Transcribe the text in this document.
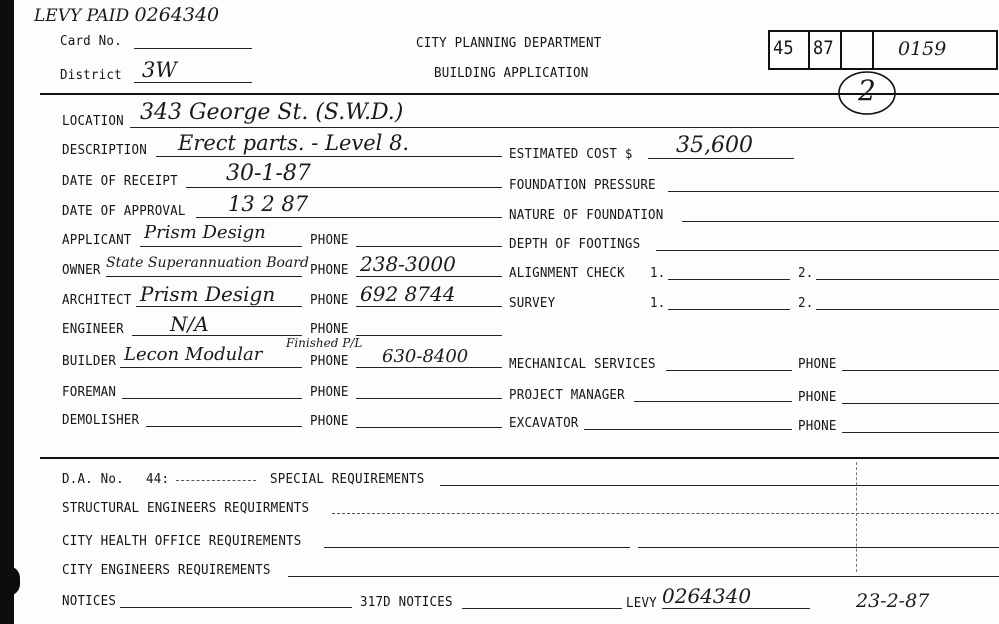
LEVY PAID 0264340
Card No.
District 3W
CITY PLANNING DEPARTMENT
BUILDING APPLICATION
45 87	0159
2
LOCATION 343 George St. (S.W.D.)
DESCRIPTION Erect parts. - Level 8.	ESTIMATED COST $ 35,600
DATE OF RECEIPT 30-1-87	FOUNDATION PRESSURE
DATE OF APPROVAL 13 2 87	NATURE OF FOUNDATION
APPLICANT Prism Design	PHONE	DEPTH OF FOOTINGS
OWNER State Superannuation Board PHONE 238-3000	ALIGNMENT CHECK 1.	2.
ARCHITECT Prism Design	PHONE 692 8744	SURVEY	1.	2.
ENGINEER N/A	PHONE
Finished P/L
BUILDER Lecon Modular	PHONE 630-8400	MECHANICAL SERVICES	PHONE
FOREMAN	PHONE	PROJECT MANAGER	PHONE
DEMOLISHER	PHONE	EXCAVATOR	PHONE
D.A. No. 44:	SPECIAL REQUIREMENTS
STRUCTURAL ENGINEERS REQUIRMENTS
CITY HEALTH OFFICE REQUIREMENTS
CITY ENGINEERS REQUIREMENTS
NOTICES	317D NOTICES	LEVY 0264340	23-2-87
